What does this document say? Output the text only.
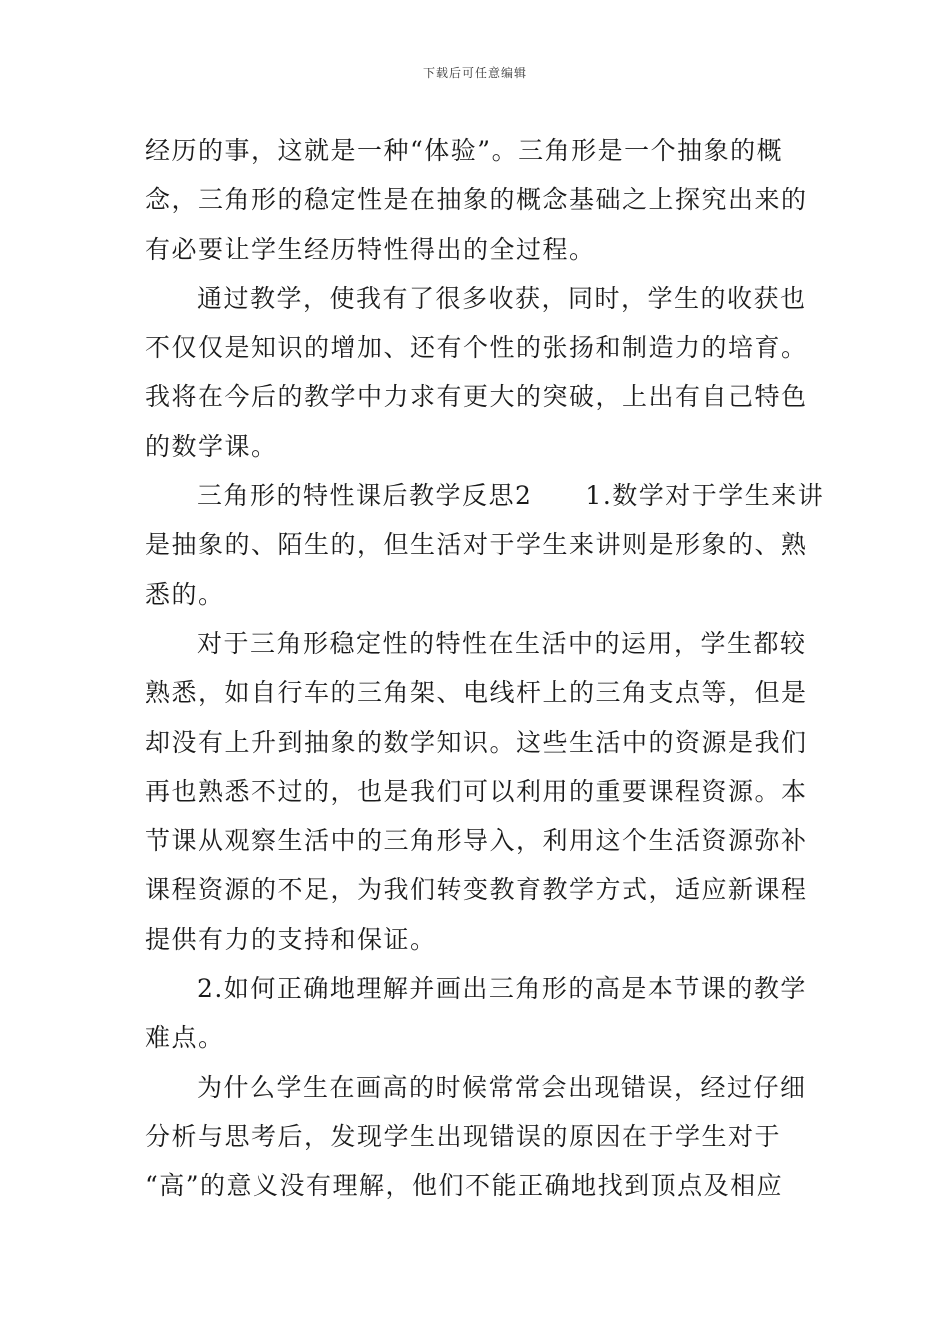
下载后可任意编辑
经历的事，这就是一种“体验”。三角形是一个抽象的概
念，三角形的稳定性是在抽象的概念基础之上探究出来的
有必要让学生经历特性得出的全过程。
通过教学，使我有了很多收获，同时，学生的收获也
不仅仅是知识的增加、还有个性的张扬和制造力的培育。
我将在今后的教学中力求有更大的突破，上出有自己特色
的数学课。
三角形的特性课后教学反思2　　1.数学对于学生来讲
是抽象的、陌生的，但生活对于学生来讲则是形象的、熟
悉的。
对于三角形稳定性的特性在生活中的运用，学生都较
熟悉，如自行车的三角架、电线杆上的三角支点等，但是
却没有上升到抽象的数学知识。这些生活中的资源是我们
再也熟悉不过的，也是我们可以利用的重要课程资源。本
节课从观察生活中的三角形导入，利用这个生活资源弥补
课程资源的不足，为我们转变教育教学方式，适应新课程
提供有力的支持和保证。
2.如何正确地理解并画出三角形的高是本节课的教学
难点。
为什么学生在画高的时候常常会出现错误，经过仔细
分析与思考后，发现学生出现错误的原因在于学生对于
“高”的意义没有理解，他们不能正确地找到顶点及相应
